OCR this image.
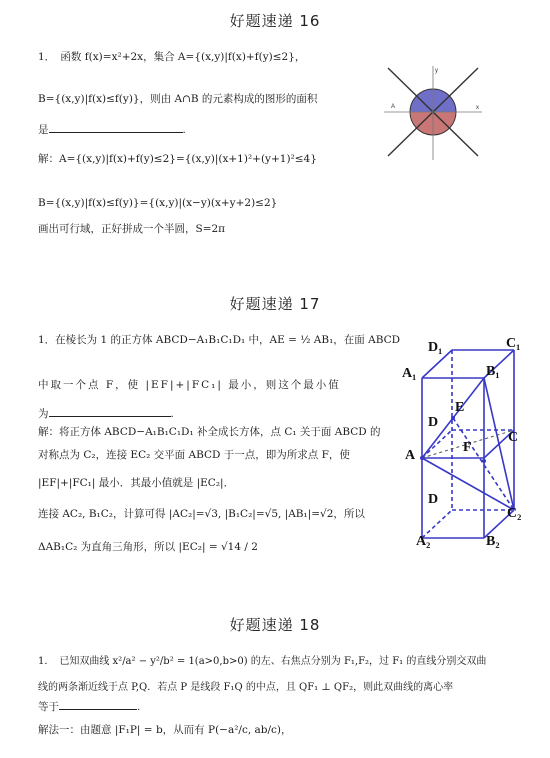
好题速递 16
1．　函数 f(x)=x²+2x，集合 A={(x,y)|f(x)+f(y)≤2}，
B={(x,y)|f(x)≤f(y)}，则由 A∩B 的元素构成的图形的面积
是	.
解：A={(x,y)|f(x)+f(y)≤2}={(x,y)|(x+1)²+(y+1)²≤4}
B={(x,y)|f(x)≤f(y)}={(x,y)|(x−y)(x+y+2)≤2}
画出可行域，正好拼成一个半圆，S=2π
A
y
x
好题速递 17
1．在棱长为 1 的正方体 ABCD−A₁B₁C₁D₁ 中，AE = ½ AB₁，在面 ABCD
中取一个点 F，使 |EF|+|FC₁| 最小，则这个最小值
为	.
解：将正方体 ABCD−A₁B₁C₁D₁ 补全成长方体，点 C₁ 关于面 ABCD 的
对称点为 C₂，连接 EC₂ 交平面 ABCD 于一点，即为所求点 F，使
|EF|+|FC₁| 最小．其最小值就是 |EC₂|．
连接 AC₂, B₁C₂，计算可得 |AC₂|=√3, |B₁C₂|=√5, |AB₁|=√2，所以
ΔAB₁C₂ 为直角三角形，所以 |EC₂| = √14 / 2
D₁	C₁
A₁	B₁
E
D
C
A
F
D
C₂
A₂	B₂
好题速递 18
1．　已知双曲线 x²/a² − y²/b² = 1(a>0,b>0) 的左、右焦点分别为 F₁,F₂，过 F₁ 的直线分别交双曲
线的两条渐近线于点 P,Q．若点 P 是线段 F₁Q 的中点，且 QF₁ ⊥ QF₂，则此双曲线的离心率
等于	.
解法一：由题意 |F₁P| = b，从而有 P(−a²/c, ab/c)，
